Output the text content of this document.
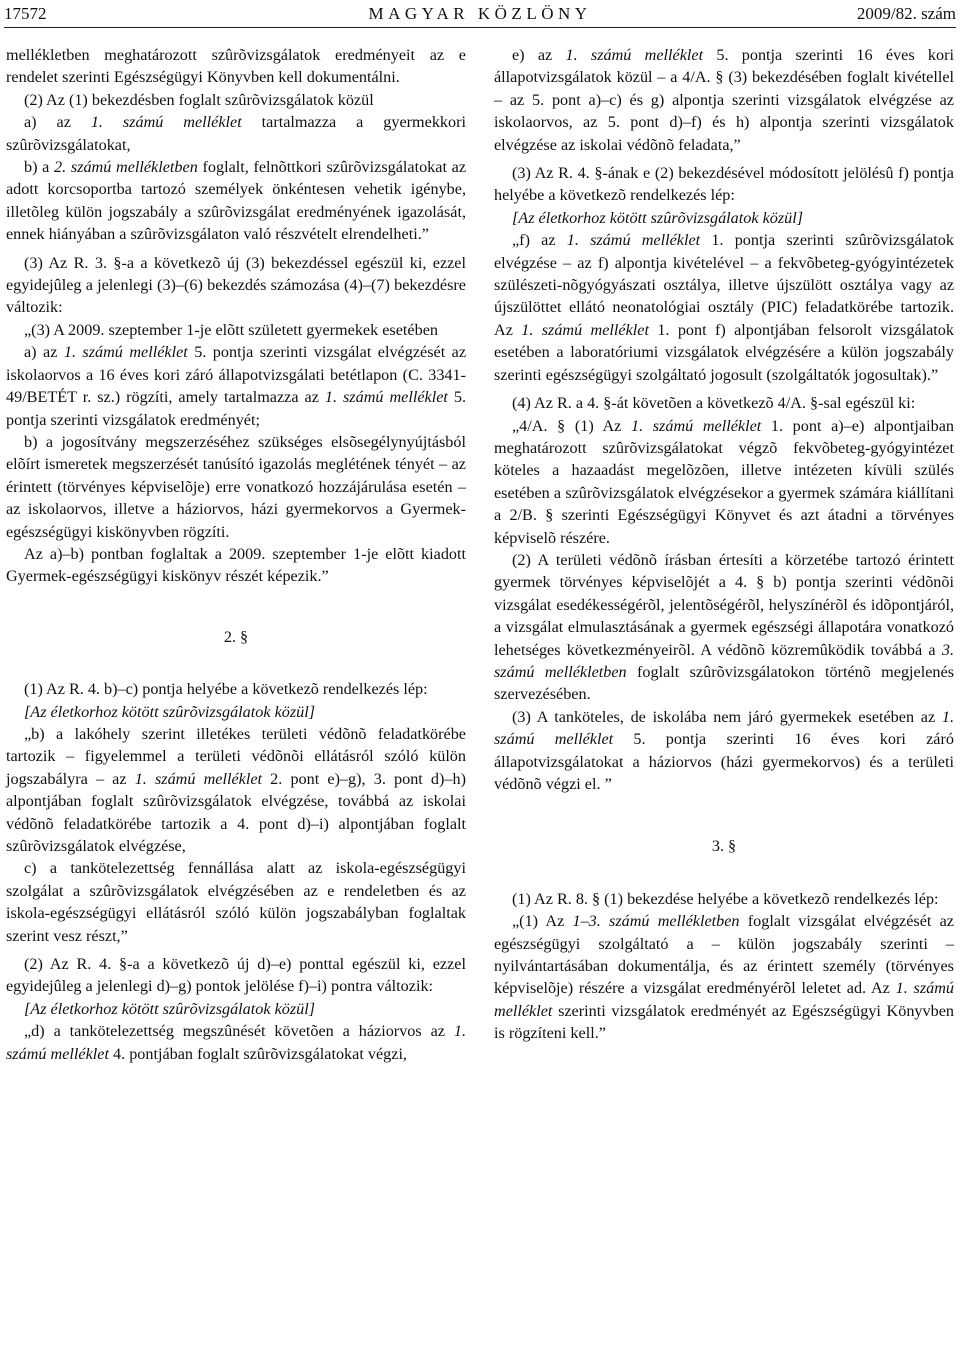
17572	MAGYAR KÖZLÖNY	2009/82. szám

mellékletben meghatározott szûrõvizsgálatok eredményeit az e rendelet szerinti Egészségügyi Könyvben kell dokumentálni.

(2) Az (1) bekezdésben foglalt szûrõvizsgálatok közül

a) az 1. számú melléklet tartalmazza a gyermekkori szûrõvizsgálatokat,

b) a 2. számú mellékletben foglalt, felnõttkori szûrõvizsgálatokat az adott korcsoportba tartozó személyek önkéntesen vehetik igénybe, illetõleg külön jogszabály a szûrõvizsgálat eredményének igazolását, ennek hiányában a szûrõvizsgálaton való részvételt elrendelheti.”

(3) Az R. 3. §-a a következõ új (3) bekezdéssel egészül ki, ezzel egyidejûleg a jelenlegi (3)–(6) bekezdés számozása (4)–(7) bekezdésre változik:

„(3) A 2009. szeptember 1-je elõtt született gyermekek esetében

a) az 1. számú melléklet 5. pontja szerinti vizsgálat elvégzését az iskolaorvos a 16 éves kori záró állapotvizsgálati betétlapon (C. 3341-49/BETÉT r. sz.) rögzíti, amely tartalmazza az 1. számú melléklet 5. pontja szerinti vizsgálatok eredményét;

b) a jogosítvány megszerzéséhez szükséges elsõsegélynyújtásból elõírt ismeretek megszerzését tanúsító igazolás meglétének tényét – az érintett (törvényes képviselõje) erre vonatkozó hozzájárulása esetén – az iskolaorvos, illetve a háziorvos, házi gyermekorvos a Gyermek-egészségügyi kiskönyvben rögzíti.

Az a)–b) pontban foglaltak a 2009. szeptember 1-je elõtt kiadott Gyermek-egészségügyi kiskönyv részét képezik.”

2. §

(1) Az R. 4. b)–c) pontja helyébe a következõ rendelkezés lép:

[Az életkorhoz kötött szûrõvizsgálatok közül]

„b) a lakóhely szerint illetékes területi védõnõ feladatkörébe tartozik – figyelemmel a területi védõnõi ellátásról szóló külön jogszabályra – az 1. számú melléklet 2. pont e)–g), 3. pont d)–h) alpontjában foglalt szûrõvizsgálatok elvégzése, továbbá az iskolai védõnõ feladatkörébe tartozik a 4. pont d)–i) alpontjában foglalt szûrõvizsgálatok elvégzése,

c) a tankötelezettség fennállása alatt az iskola-egészségügyi szolgálat a szûrõvizsgálatok elvégzésében az e rendeletben és az iskola-egészségügyi ellátásról szóló külön jogszabályban foglaltak szerint vesz részt,”

(2) Az R. 4. §-a a következõ új d)–e) ponttal egészül ki, ezzel egyidejûleg a jelenlegi d)–g) pontok jelölése f)–i) pontra változik:

[Az életkorhoz kötött szûrõvizsgálatok közül]

„d) a tankötelezettség megszûnését követõen a háziorvos az 1. számú melléklet 4. pontjában foglalt szûrõvizsgálatokat végzi,

e) az 1. számú melléklet 5. pontja szerinti 16 éves kori állapotvizsgálatok közül – a 4/A. § (3) bekezdésében foglalt kivétellel – az 5. pont a)–c) és g) alpontja szerinti vizsgálatok elvégzése az iskolaorvos, az 5. pont d)–f) és h) alpontja szerinti vizsgálatok elvégzése az iskolai védõnõ feladata,”

(3) Az R. 4. §-ának e (2) bekezdésével módosított jelölésû f) pontja helyébe a következõ rendelkezés lép:

[Az életkorhoz kötött szûrõvizsgálatok közül]

„f) az 1. számú melléklet 1. pontja szerinti szûrõvizsgálatok elvégzése – az f) alpontja kivételével – a fekvõbeteg-gyógyintézetek szülészeti-nõgyógyászati osztálya, illetve újszülött osztálya vagy az újszülöttet ellátó neonatológiai osztály (PIC) feladatkörébe tartozik. Az 1. számú melléklet 1. pont f) alpontjában felsorolt vizsgálatok esetében a laboratóriumi vizsgálatok elvégzésére a külön jogszabály szerinti egészségügyi szolgáltató jogosult (szolgáltatók jogosultak).”

(4) Az R. a 4. §-át követõen a következõ 4/A. §-sal egészül ki:

„4/A. § (1) Az 1. számú melléklet 1. pont a)–e) alpontjaiban meghatározott szûrõvizsgálatokat végzõ fekvõbeteg-gyógyintézet köteles a hazaadást megelõzõen, illetve intézeten kívüli szülés esetében a szûrõvizsgálatok elvégzésekor a gyermek számára kiállítani a 2/B. § szerinti Egészségügyi Könyvet és azt átadni a törvényes képviselõ részére.

(2) A területi védõnõ írásban értesíti a körzetébe tartozó érintett gyermek törvényes képviselõjét a 4. § b) pontja szerinti védõnõi vizsgálat esedékességérõl, jelentõségérõl, helyszínérõl és idõpontjáról, a vizsgálat elmulasztásának a gyermek egészségi állapotára vonatkozó lehetséges következményeirõl. A védõnõ közremûködik továbbá a 3. számú mellékletben foglalt szûrõvizsgálatokon történõ megjelenés szervezésében.

(3) A tanköteles, de iskolába nem járó gyermekek esetében az 1. számú melléklet 5. pontja szerinti 16 éves kori záró állapotvizsgálatokat a háziorvos (házi gyermekorvos) és a területi védõnõ végzi el. ”

3. §

(1) Az R. 8. § (1) bekezdése helyébe a következõ rendelkezés lép:

„(1) Az 1–3. számú mellékletben foglalt vizsgálat elvégzését az egészségügyi szolgáltató a – külön jogszabály szerinti – nyilvántartásában dokumentálja, és az érintett személy (törvényes képviselõje) részére a vizsgálat eredményérõl leletet ad. Az 1. számú melléklet szerinti vizsgálatok eredményét az Egészségügyi Könyvben is rögzíteni kell.”
